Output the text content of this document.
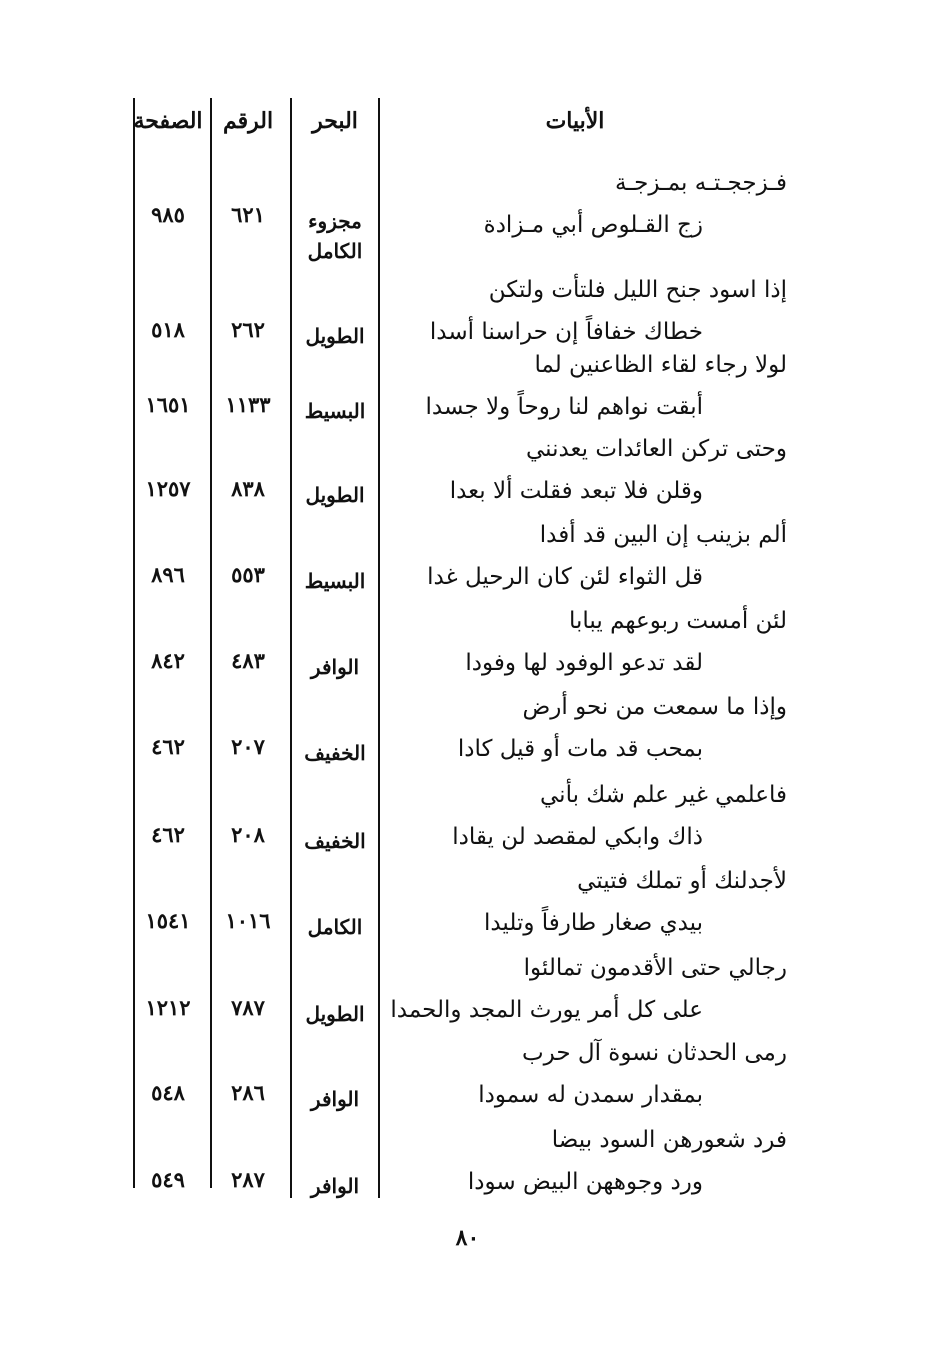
الأبيات
البحر
الرقم
الصفحة
فـزججـتـه بمـزجـة
زج القـلوص أبي مـزادة
مجزوء الكامل
٦٢١
٩٨٥
إذا اسود جنح الليل فلتأت ولتكن
خطاك خفافاً إن حراسنا أسدا
الطويل
٢٦٢
٥١٨
لولا رجاء لقاء الظاعنين لما
أبقت نواهم لنا روحاً ولا جسدا
البسيط
١١٣٣
١٦٥١
وحتى تركن العائدات يعدنني
وقلن فلا تبعد فقلت ألا بعدا
الطويل
٨٣٨
١٢٥٧
ألم بزينب إن البين قد أفدا
قل الثواء لئن كان الرحيل غدا
البسيط
٥٥٣
٨٩٦
لئن أمست ربوعهم يبابا
لقد تدعو الوفود لها وفودا
الوافر
٤٨٣
٨٤٢
وإذا ما سمعت من نحو أرض
بمحب قد مات أو قيل كادا
الخفيف
٢٠٧
٤٦٢
فاعلمي غير علم شك بأني
ذاك وابكي لمقصد لن يقادا
الخفيف
٢٠٨
٤٦٢
لأجدلنك أو تملك فتيتي
بيدي صغار طارفاً وتليدا
الكامل
١٠١٦
١٥٤١
رجالي حتى الأقدمون تمالئوا
على كل أمر يورث المجد والحمدا
الطويل
٧٨٧
١٢١٢
رمى الحدثان نسوة آل حرب
بمقدار سمدن له سمودا
الوافر
٢٨٦
٥٤٨
فرد شعورهن السود بيضا
ورد وجوههن البيض سودا
الوافر
٢٨٧
٥٤٩
٨٠
